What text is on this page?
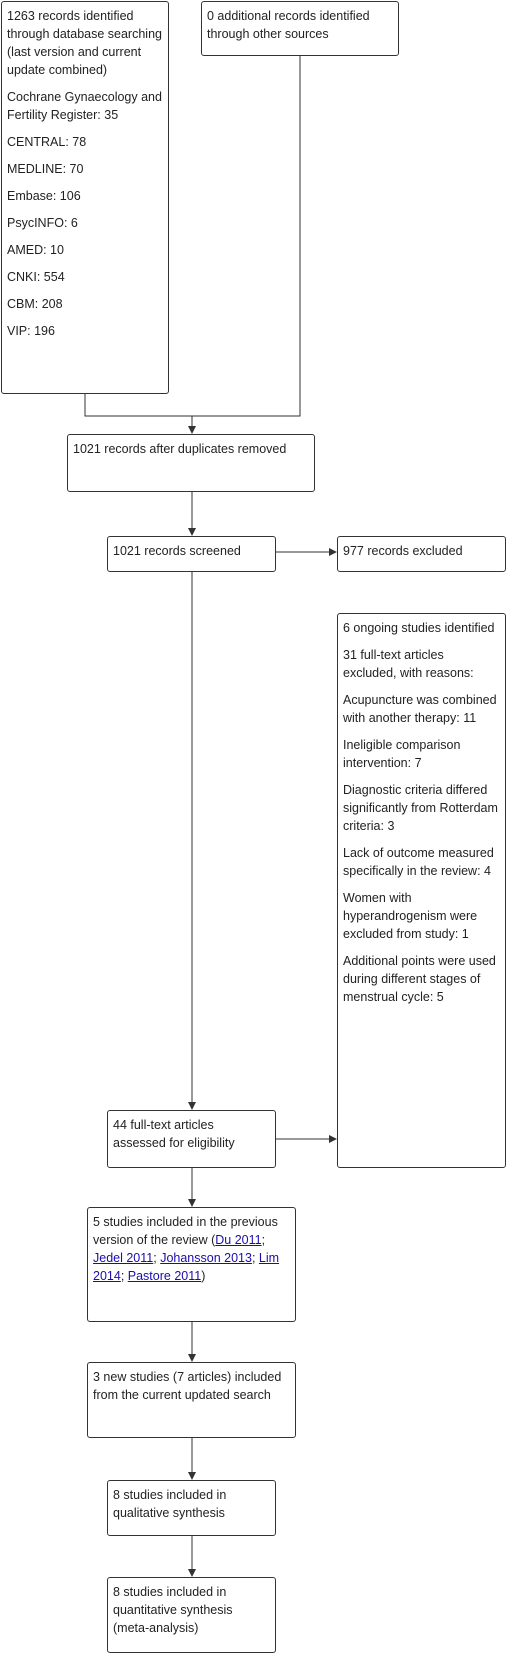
1263 records identified through database searching (last version and current update combined)

Cochrane Gynaecology and Fertility Register: 35

CENTRAL: 78

MEDLINE: 70

Embase: 106

PsycINFO: 6

AMED: 10

CNKI: 554

CBM: 208

VIP: 196

0 additional records identified through other sources

1021 records after duplicates removed

1021 records screened	977 records excluded

6 ongoing studies identified

31 full-text articles excluded, with reasons:

Acupuncture was combined with another therapy: 11

Ineligible comparison intervention: 7

Diagnostic criteria differed significantly from Rotterdam criteria: 3

Lack of outcome measured specifically in the review: 4

Women with hyperandrogenism were excluded from study: 1

Additional points were used during different stages of menstrual cycle: 5

44 full-text articles assessed for eligibility

5 studies included in the previous version of the review (Du 2011; Jedel 2011; Johansson 2013; Lim 2014; Pastore 2011)

3 new studies (7 articles) included from the current updated search

8 studies included in qualitative synthesis

8 studies included in quantitative synthesis (meta-analysis)
